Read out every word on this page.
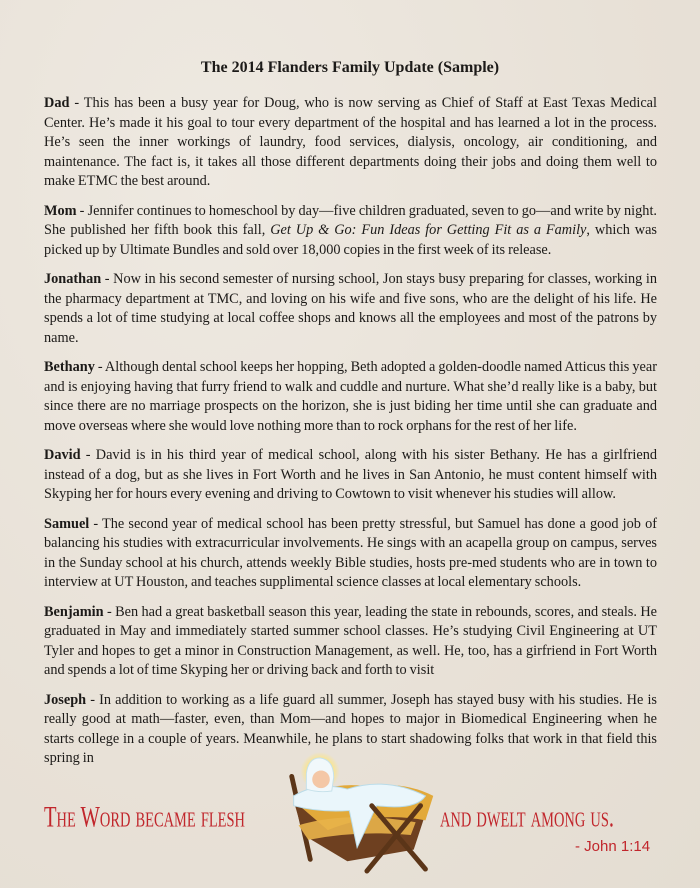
The 2014 Flanders Family Update (Sample)

Dad - This has been a busy year for Doug, who is now serving as Chief of Staff at East Texas Medical Center. He’s made it his goal to tour every department of the hospital and has learned a lot in the process. He’s seen the inner workings of laundry, food services, dialysis, oncology, air conditioning, and maintenance. The fact is, it takes all those different departments doing their jobs and doing them well to make ETMC the best around.

Mom - Jennifer continues to homeschool by day—five children graduated, seven to go—and write by night. She published her fifth book this fall, Get Up & Go: Fun Ideas for Getting Fit as a Family, which was picked up by Ultimate Bundles and sold over 18,000 copies in the first week of its release.

Jonathan - Now in his second semester of nursing school, Jon stays busy preparing for classes, working in the pharmacy department at TMC, and loving on his wife and five sons, who are the delight of his life. He spends a lot of time studying at local coffee shops and knows all the employees and most of the patrons by name.

Bethany - Although dental school keeps her hopping, Beth adopted a golden-doodle named Atticus this year and is enjoying having that furry friend to walk and cuddle and nurture. What she’d really like is a baby, but since there are no marriage prospects on the horizon, she is just biding her time until she can graduate and move overseas where she would love nothing more than to rock orphans for the rest of her life.

David - David is in his third year of medical school, along with his sister Bethany. He has a girlfriend instead of a dog, but as she lives in Fort Worth and he lives in San Antonio, he must content himself with Skyping her for hours every evening and driving to Cowtown to visit whenever his studies will allow.

Samuel - The second year of medical school has been pretty stressful, but Samuel has done a good job of balancing his studies with extracurricular involvements. He sings with an acapella group on campus, serves in the Sunday school at his church, attends weekly Bible studies, hosts pre-med students who are in town to interview at UT Houston, and teaches supplimental science classes at local elementary schools.

Benjamin - Ben had a great basketball season this year, leading the state in rebounds, scores, and steals. He graduated in May and immediately started summer school classes. He’s studying Civil Engineering at UT Tyler and hopes to get a minor in Construction Management, as well. He, too, has a girfriend in Fort Worth and spends a lot of time Skyping her or driving back and forth to visit

Joseph - In addition to working as a life guard all summer, Joseph has stayed busy with his studies. He is really good at math—faster, even, than Mom—and hopes to major in Biomedical Engineering when he starts college in a couple of years. Meanwhile, he plans to start shadowing folks that work in that field this spring in

The Word became flesh	and dwelt among us.
- John 1:14
